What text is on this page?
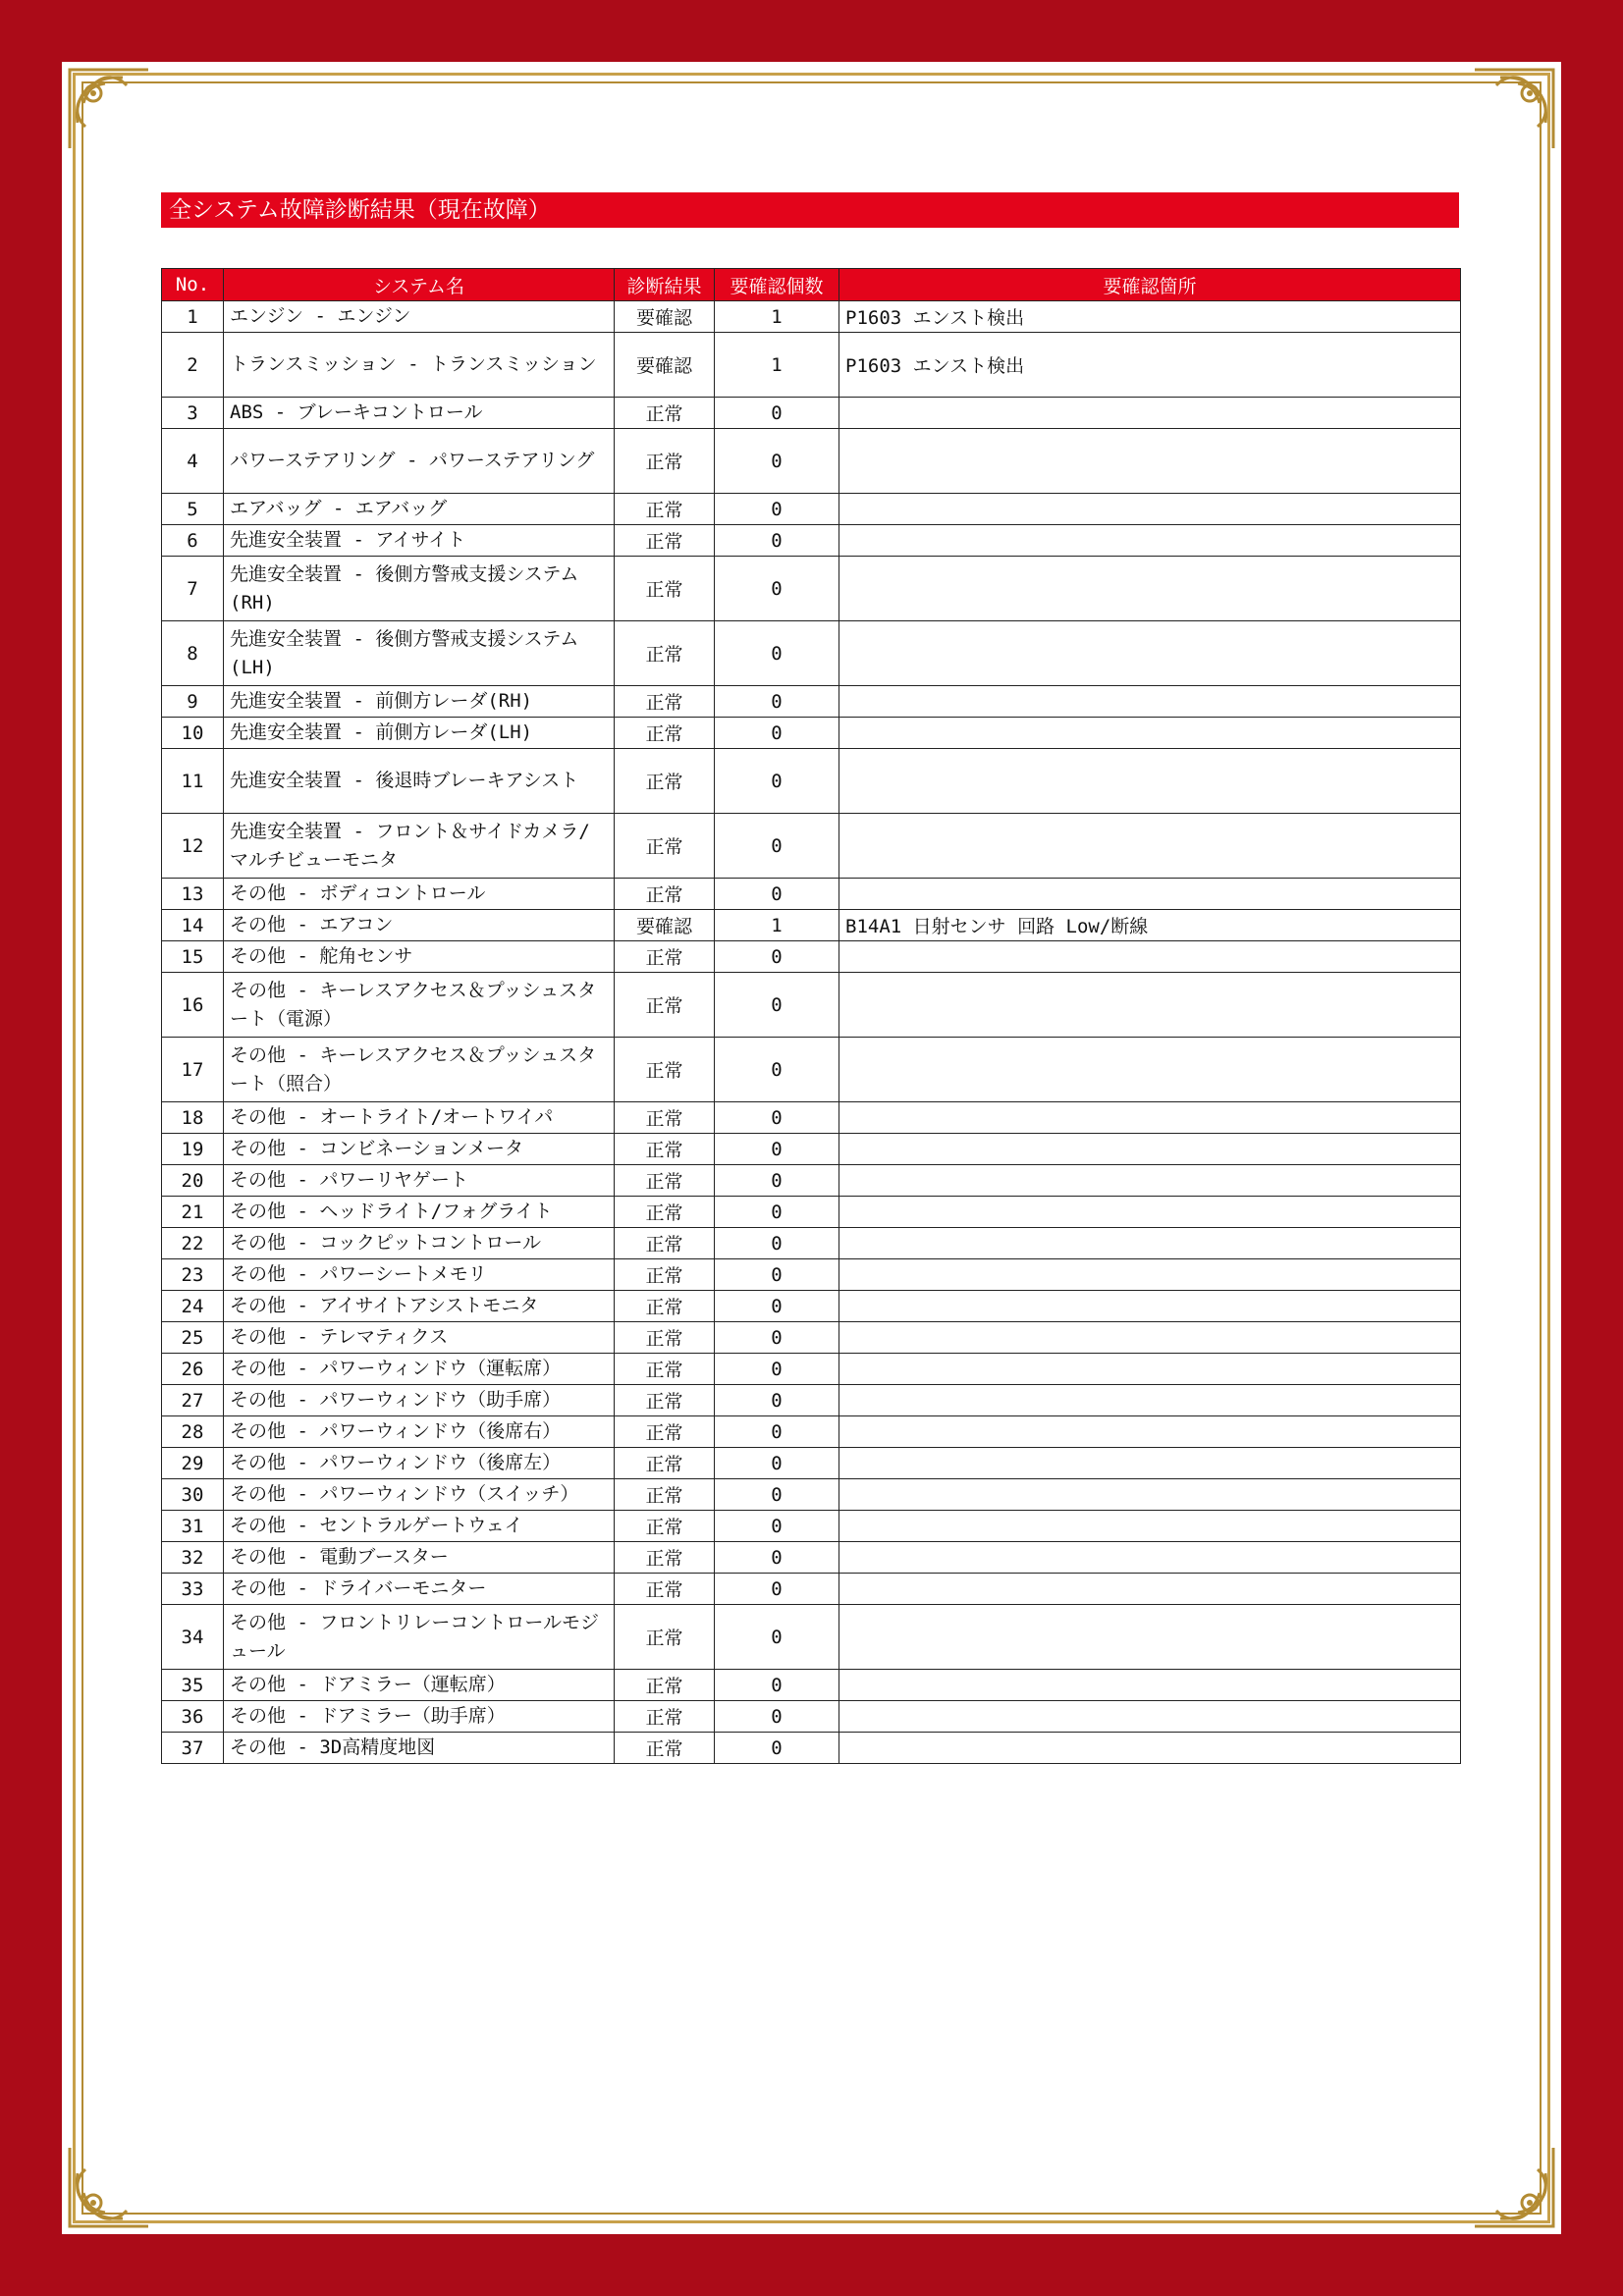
全システム故障診断結果（現在故障）
No.	システム名	診断結果	要確認個数	要確認箇所
1	エンジン - エンジン	要確認	1	P1603 エンスト検出
2	トランスミッション - トランスミッション	要確認	1	P1603 エンスト検出
3	ABS - ブレーキコントロール	正常	0	
4	パワーステアリング - パワーステアリング	正常	0	
5	エアバッグ - エアバッグ	正常	0	
6	先進安全装置 - アイサイト	正常	0	
7	先進安全装置 - 後側方警戒支援システム(RH)	正常	0	
8	先進安全装置 - 後側方警戒支援システム(LH)	正常	0	
9	先進安全装置 - 前側方レーダ(RH)	正常	0	
10	先進安全装置 - 前側方レーダ(LH)	正常	0	
11	先進安全装置 - 後退時ブレーキアシスト	正常	0	
12	先進安全装置 - フロント＆サイドカメラ/マルチビューモニタ	正常	0	
13	その他 - ボディコントロール	正常	0	
14	その他 - エアコン	要確認	1	B14A1 日射センサ 回路 Low/断線
15	その他 - 舵角センサ	正常	0	
16	その他 - キーレスアクセス＆プッシュスタート（電源）	正常	0	
17	その他 - キーレスアクセス＆プッシュスタート（照合）	正常	0	
18	その他 - オートライト/オートワイパ	正常	0	
19	その他 - コンビネーションメータ	正常	0	
20	その他 - パワーリヤゲート	正常	0	
21	その他 - ヘッドライト/フォグライト	正常	0	
22	その他 - コックピットコントロール	正常	0	
23	その他 - パワーシートメモリ	正常	0	
24	その他 - アイサイトアシストモニタ	正常	0	
25	その他 - テレマティクス	正常	0	
26	その他 - パワーウィンドウ（運転席）	正常	0	
27	その他 - パワーウィンドウ（助手席）	正常	0	
28	その他 - パワーウィンドウ（後席右）	正常	0	
29	その他 - パワーウィンドウ（後席左）	正常	0	
30	その他 - パワーウィンドウ（スイッチ）	正常	0	
31	その他 - セントラルゲートウェイ	正常	0	
32	その他 - 電動ブースター	正常	0	
33	その他 - ドライバーモニター	正常	0	
34	その他 - フロントリレーコントロールモジュール	正常	0	
35	その他 - ドアミラー（運転席）	正常	0	
36	その他 - ドアミラー（助手席）	正常	0	
37	その他 - 3D高精度地図	正常	0	
